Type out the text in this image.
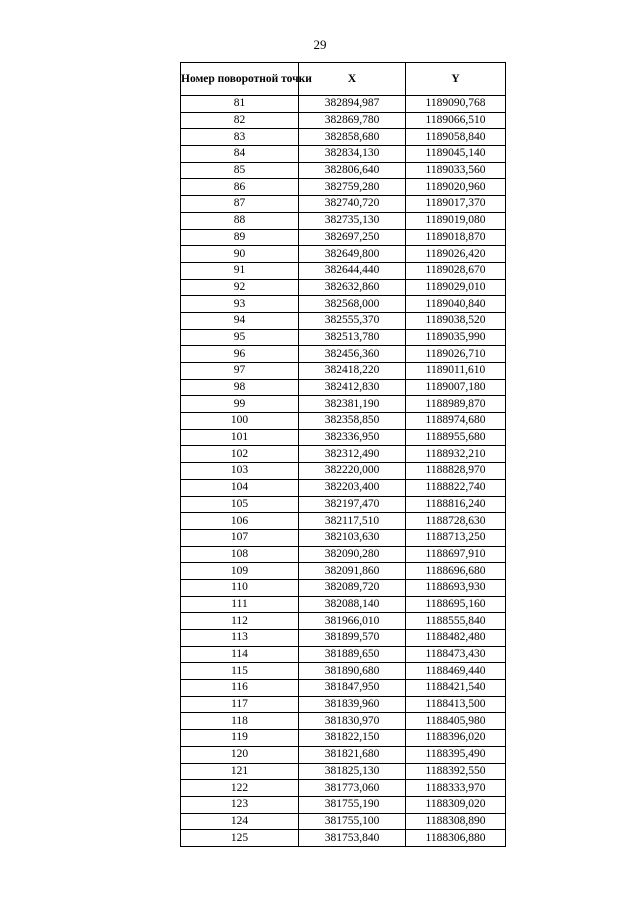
29
Номер поворотной точки	X	Y
81	382894,987	1189090,768
82	382869,780	1189066,510
83	382858,680	1189058,840
84	382834,130	1189045,140
85	382806,640	1189033,560
86	382759,280	1189020,960
87	382740,720	1189017,370
88	382735,130	1189019,080
89	382697,250	1189018,870
90	382649,800	1189026,420
91	382644,440	1189028,670
92	382632,860	1189029,010
93	382568,000	1189040,840
94	382555,370	1189038,520
95	382513,780	1189035,990
96	382456,360	1189026,710
97	382418,220	1189011,610
98	382412,830	1189007,180
99	382381,190	1188989,870
100	382358,850	1188974,680
101	382336,950	1188955,680
102	382312,490	1188932,210
103	382220,000	1188828,970
104	382203,400	1188822,740
105	382197,470	1188816,240
106	382117,510	1188728,630
107	382103,630	1188713,250
108	382090,280	1188697,910
109	382091,860	1188696,680
110	382089,720	1188693,930
111	382088,140	1188695,160
112	381966,010	1188555,840
113	381899,570	1188482,480
114	381889,650	1188473,430
115	381890,680	1188469,440
116	381847,950	1188421,540
117	381839,960	1188413,500
118	381830,970	1188405,980
119	381822,150	1188396,020
120	381821,680	1188395,490
121	381825,130	1188392,550
122	381773,060	1188333,970
123	381755,190	1188309,020
124	381755,100	1188308,890
125	381753,840	1188306,880
